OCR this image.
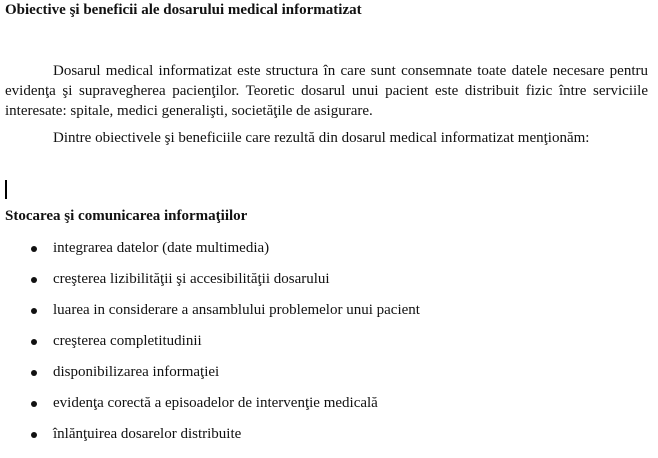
Obiective şi beneficii ale dosarului medical informatizat

Dosarul medical informatizat este structura în care sunt consemnate toate datele necesare pentru evidenţa şi supravegherea pacienţilor. Teoretic dosarul unui pacient este distribuit fizic între serviciile interesate: spitale, medici generalişti, societăţile de asigurare.

Dintre obiectivele şi beneficiile care rezultă din dosarul medical informatizat menţionăm:

Stocarea şi comunicarea informaţiilor
integrarea datelor (date multimedia)
creşterea lizibilităţii şi accesibilităţii dosarului
luarea in considerare a ansamblului problemelor unui pacient
creşterea completitudinii
disponibilizarea informaţiei
evidenţa corectă a episoadelor de intervenţie medicală
înlănţuirea dosarelor distribuite
